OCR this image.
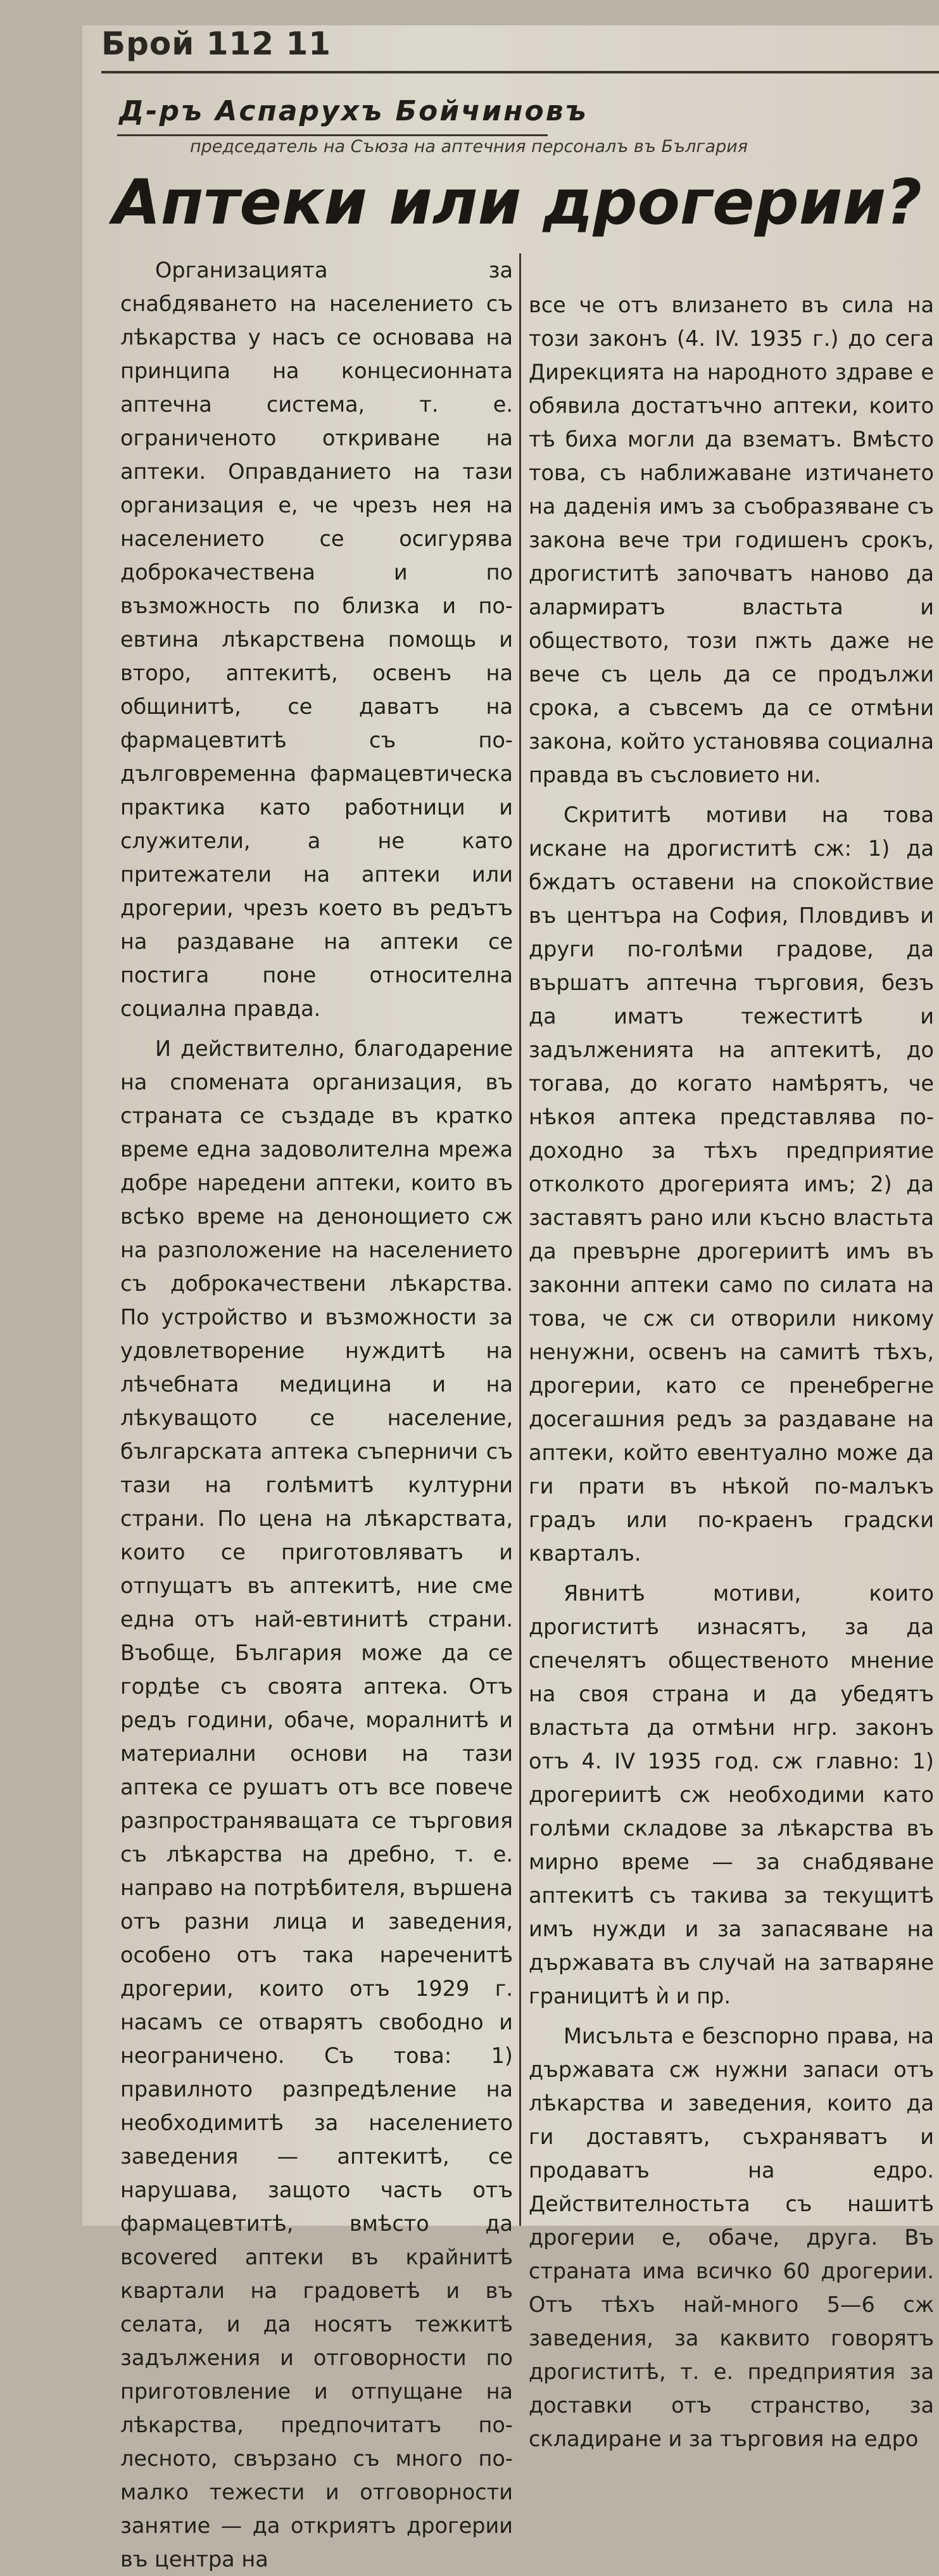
Брой 112 11
Д-ръ Аспарухъ Бойчиновъ
председатель на Съюза на аптечния персоналъ въ България
Аптеки или дрогерии?

Организацията за снабдяването на населението съ лѣкарства у насъ се основава на принципа на концесионната аптечна система, т. е. ограниченото откриване на аптеки. Оправданието на тази организация е, че чрезъ нея на населението се осигурява доброкачествена и по възможность по близка и по-евтина лѣкарствена помощь и второ, аптекитѣ, освенъ на общинитѣ, се даватъ на фармацевтитѣ съ по-дълговременна фармацевтическа практика като работници и служители, а не като притежатели на аптеки или дрогерии, чрезъ което въ редътъ на раздаване на аптеки се постига поне относителна социална правда.

И действително, благодарение на спомената организация, въ страната се създаде въ кратко време една задоволителна мрежа добре наредени аптеки, които въ всѣко време на денонощието сж на разположение на населението съ доброкачествени лѣкарства. По устройство и възможности за удовлетворение нуждитѣ на лѣчебната медицина и на лѣкуващото се население, българската аптека съперничи съ тази на голѣмитѣ културни страни. По цена на лѣкарствата, които се приготовляватъ и отпущатъ въ аптекитѣ, ние сме една отъ най-евтинитѣ страни. Въобще, България може да се гордѣе съ своята аптека. Отъ редъ години, обаче, моралнитѣ и материални основи на тази аптека се рушатъ отъ все повече разпространяващата се търговия съ лѣкарства на дребно, т. е. направо на потрѣбителя, вършена отъ разни лица и заведения, особено отъ така нареченитѣ дрогерии, които отъ 1929 г. насамъ се отварятъ свободно и неограничено. Съ това: 1) правилното разпредѣление на необходимитѣ за населението заведения — аптекитѣ, се нарушава, защото часть отъ фармацевтитѣ, вмѣсто да вcovered аптеки въ крайнитѣ квартали на градоветѣ и въ селата, и да носятъ тежкитѣ задължения и отговорности по приготовление и отпущане на лѣкарства, предпочитатъ по-лесното, свързано съ много по-малко тежести и отговорности занятие — да откриятъ дрогерии въ центра на

все че отъ влизането въ сила на този законъ (4. IV. 1935 г.) до сега Дирекцията на народното здраве е обявила достатъчно аптеки, които тѣ биха могли да взематъ. Вмѣсто това, съ наближаване изтичането на даденія имъ за съобразяване съ закона вече три годишенъ срокъ, дрогиститѣ започватъ наново да алармиратъ властьта и обществото, този пжть даже не вече съ цель да се продължи срока, а съвсемъ да се отмѣни закона, който установява социална правда въ съсловието ни.

Скрититѣ мотиви на това искане на дрогиститѣ сж: 1) да бждатъ оставени на спокойствие въ центъра на София, Пловдивъ и други по-голѣми градове, да вършатъ аптечна търговия, безъ да иматъ тежеститѣ и задълженията на аптекитѣ, до тогава, до когато намѣрятъ, че нѣкоя аптека представлява по-доходно за тѣхъ предприятие отколкото дрогерията имъ; 2) да заставятъ рано или късно властьта да превърне дрогериитѣ имъ въ законни аптеки само по силата на това, че сж си отворили никому ненужни, освенъ на самитѣ тѣхъ, дрогерии, като се пренебрегне досегашния редъ за раздаване на аптеки, който евентуално може да ги прати въ нѣкой по-малъкъ градъ или по-краенъ градски кварталъ.

Явнитѣ мотиви, които дрогиститѣ изнасятъ, за да спечелятъ общественото мнение на своя страна и да убедятъ властьта да отмѣни нгр. законъ отъ 4. IV 1935 год. сж главно: 1) дрогериитѣ сж необходими като голѣми складове за лѣкарства въ мирно време — за снабдяване аптекитѣ съ такива за текущитѣ имъ нужди и за запасяване на държавата въ случай на затваряне границитѣ ѝ и пр.

Мисъльта е безспорно права, на държавата сж нужни запаси отъ лѣкарства и заведения, които да ги доставятъ, съхраняватъ и продаватъ на едро. Действителностьта съ нашитѣ дрогерии е, обаче, друга. Въ страната има всичко 60 дрогерии. Отъ тѣхъ най-много 5—6 сж заведения, за каквито говорятъ дрогиститѣ, т. е. предприятия за доставки отъ странство, за складиране и за търговия на едро
